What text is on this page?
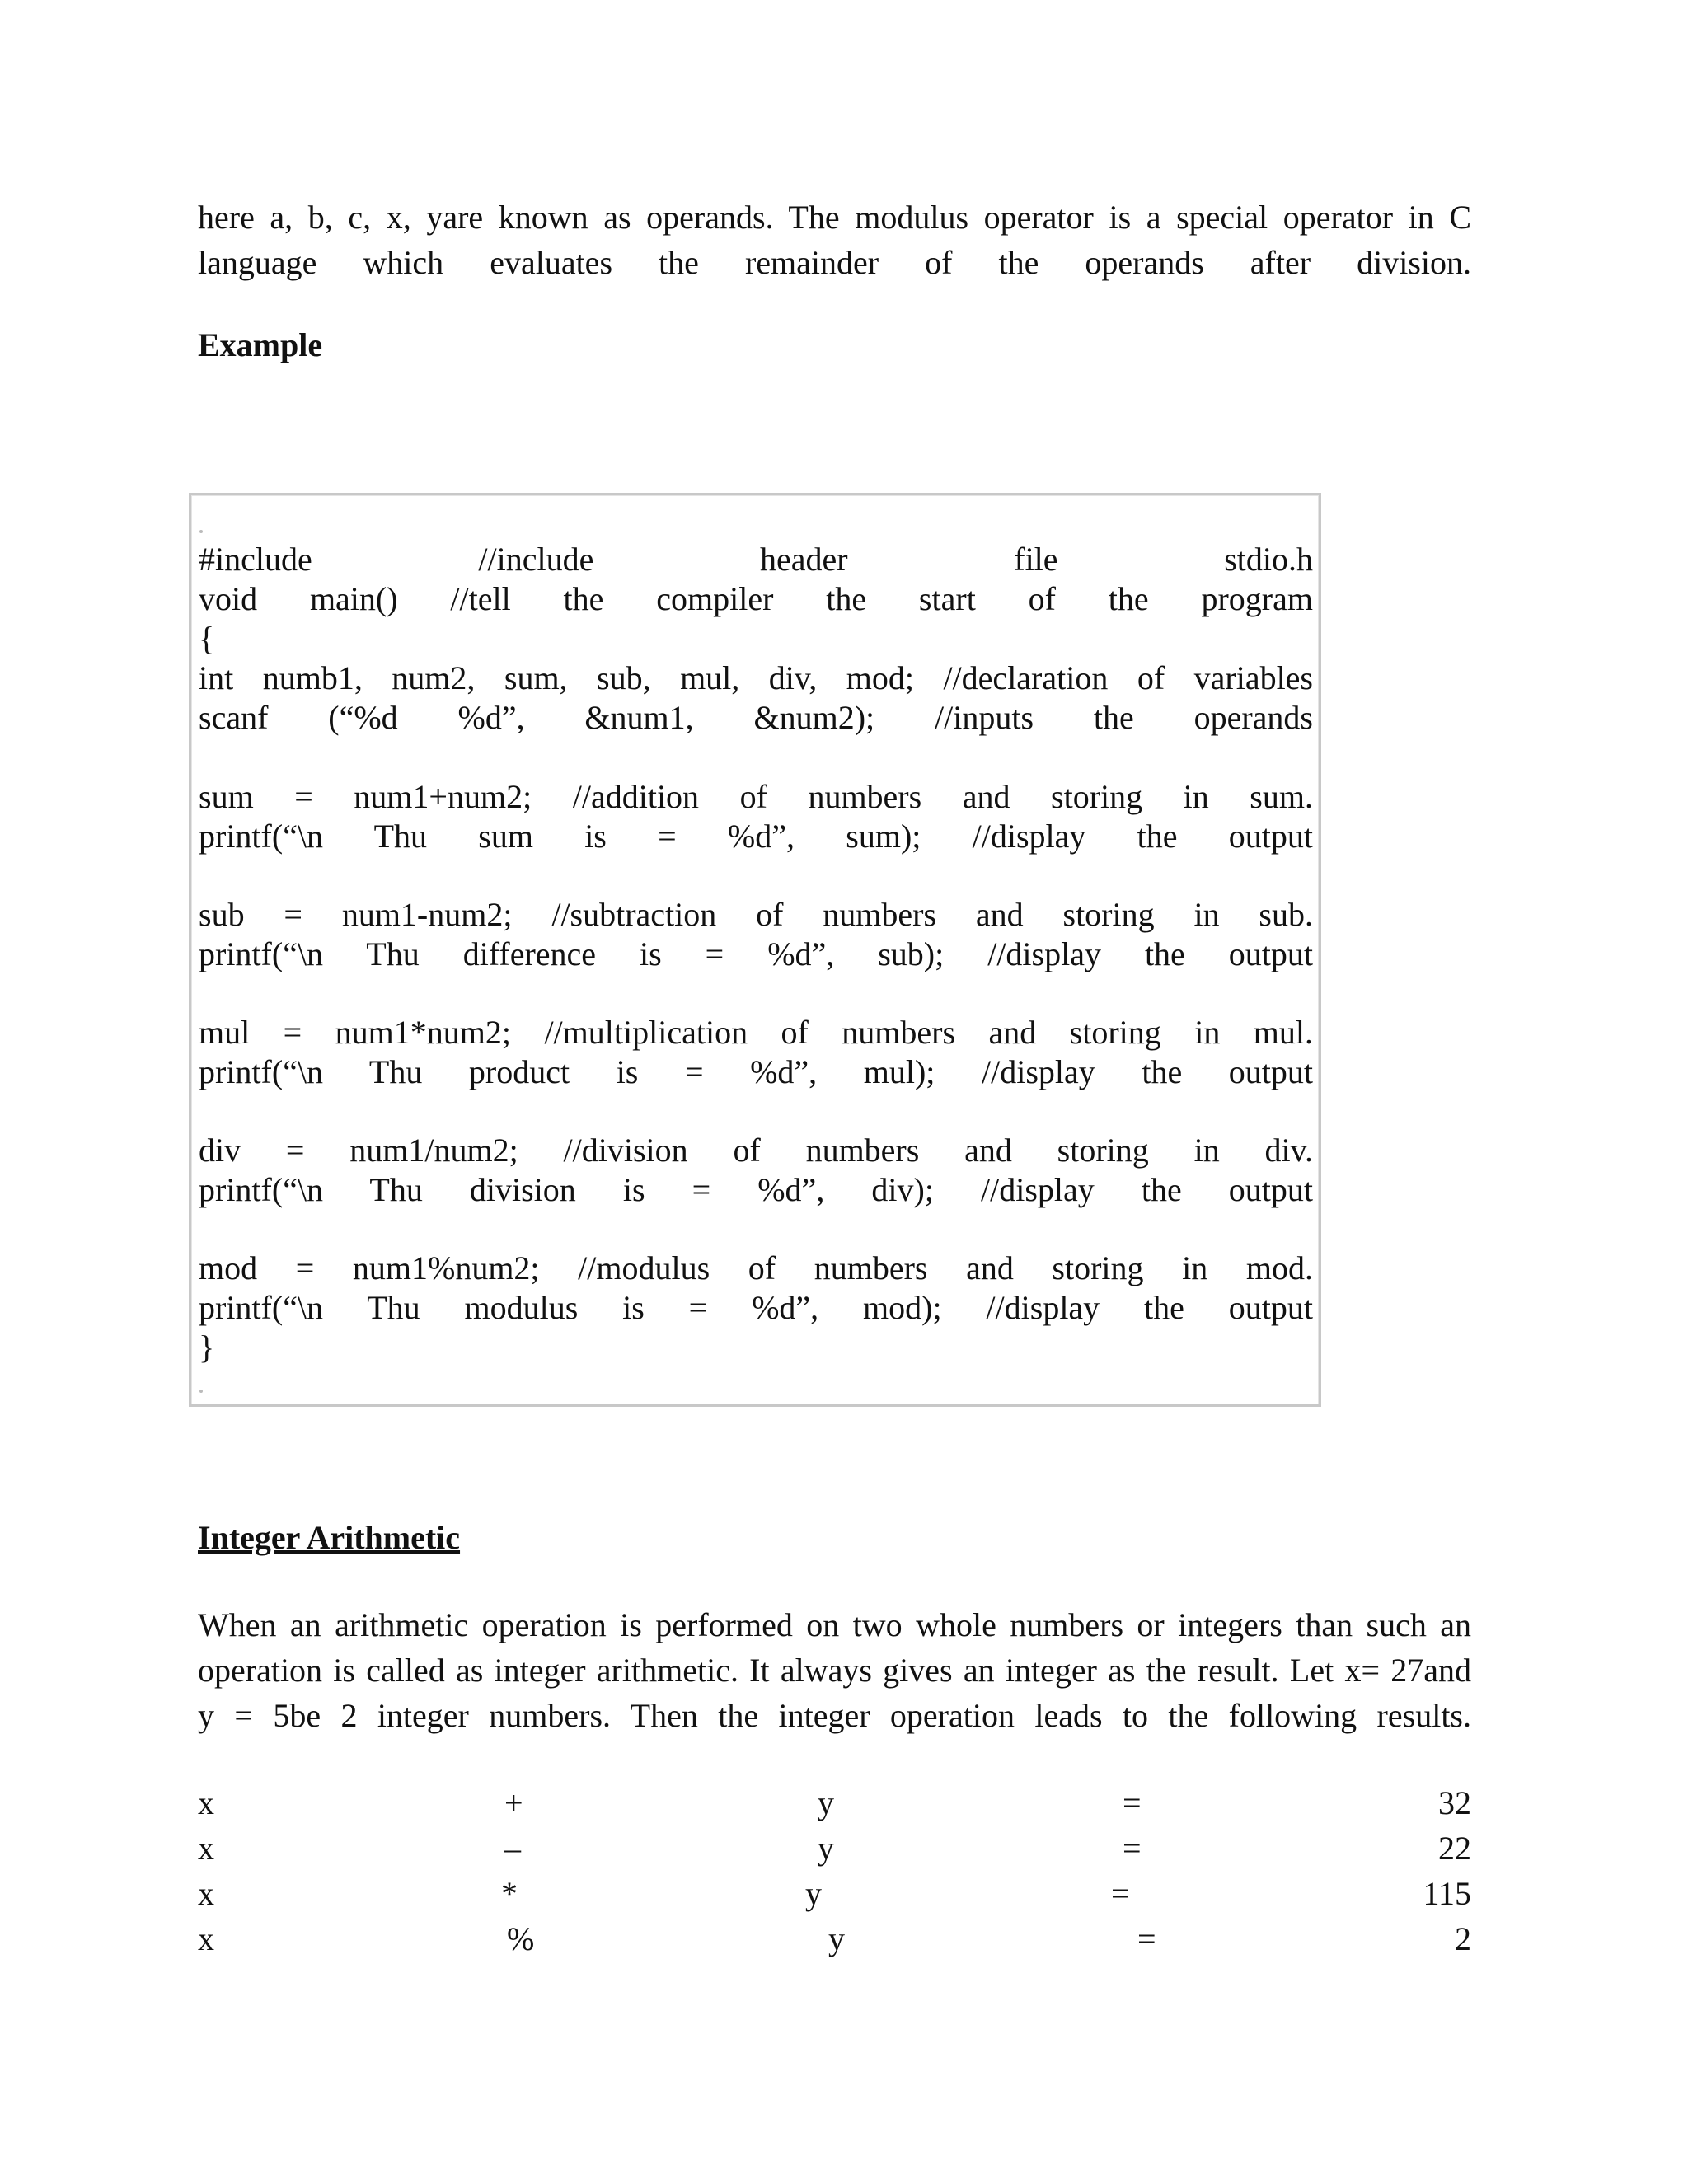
here a, b, c, x, yare known as operands. The modulus operator is a special operator in C
language which evaluates the remainder of the operands after division.
Example
#include //include header file stdio.h
void main() //tell the compiler the start of the program
{
int numb1, num2, sum, sub, mul, div, mod; //declaration of variables
scanf (“%d %d”, &num1, &num2); //inputs the operands
sum = num1+num2; //addition of numbers and storing in sum.
printf(“\n Thu sum is = %d”, sum); //display the output
sub = num1-num2; //subtraction of numbers and storing in sub.
printf(“\n Thu difference is = %d”, sub); //display the output
mul = num1*num2; //multiplication of numbers and storing in mul.
printf(“\n Thu product is = %d”, mul); //display the output
div = num1/num2; //division of numbers and storing in div.
printf(“\n Thu division is = %d”, div); //display the output
mod = num1%num2; //modulus of numbers and storing in mod.
printf(“\n Thu modulus is = %d”, mod); //display the output
}
Integer Arithmetic
When an arithmetic operation is performed on two whole numbers or integers than such an
operation is called as integer arithmetic. It always gives an integer as the result. Let x= 27and
y = 5be 2 integer numbers. Then the integer operation leads to the following results.
x	+	y	=	32
x	–	y	=	22
x	*	y	=	115
x	%	y	=	2
